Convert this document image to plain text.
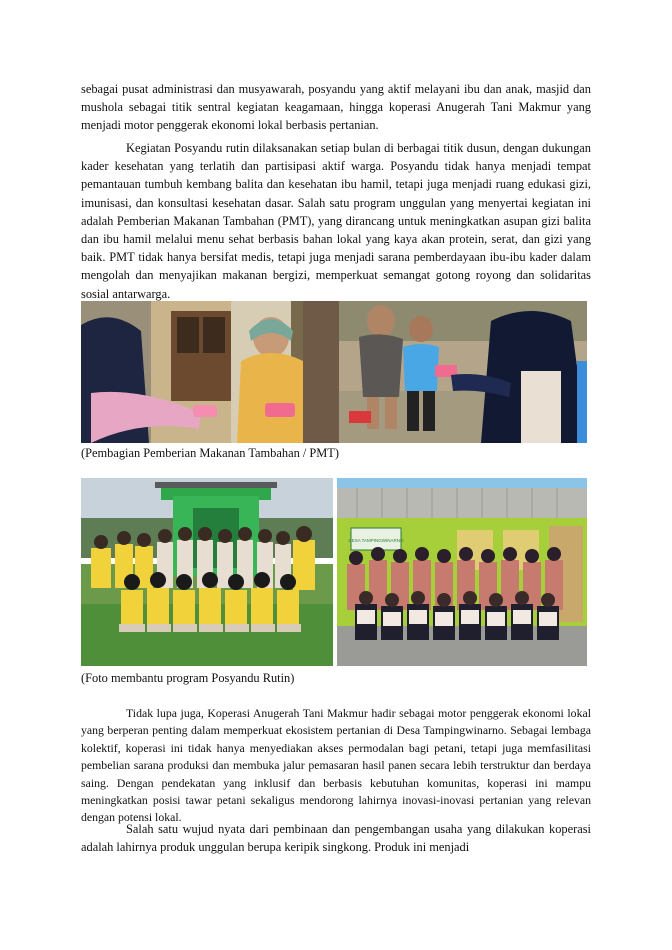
sebagai pusat administrasi dan musyawarah, posyandu yang aktif melayani ibu dan anak, masjid dan mushola sebagai titik sentral kegiatan keagamaan, hingga koperasi Anugerah Tani Makmur yang menjadi motor penggerak ekonomi lokal berbasis pertanian.

Kegiatan Posyandu rutin dilaksanakan setiap bulan di berbagai titik dusun, dengan dukungan kader kesehatan yang terlatih dan partisipasi aktif warga. Posyandu tidak hanya menjadi tempat pemantauan tumbuh kembang balita dan kesehatan ibu hamil, tetapi juga menjadi ruang edukasi gizi, imunisasi, dan konsultasi kesehatan dasar. Salah satu program unggulan yang menyertai kegiatan ini adalah Pemberian Makanan Tambahan (PMT), yang dirancang untuk meningkatkan asupan gizi balita dan ibu hamil melalui menu sehat berbasis bahan lokal yang kaya akan protein, serat, dan gizi yang baik. PMT tidak hanya bersifat medis, tetapi juga menjadi sarana pemberdayaan ibu-ibu kader dalam mengolah dan menyajikan makanan bergizi, memperkuat semangat gotong royong dan solidaritas sosial antarwarga.

(Pembagian Pemberian Makanan Tambahan / PMT)

DESA TAMPINGWINARNO

(Foto membantu program Posyandu Rutin)

Tidak lupa juga, Koperasi Anugerah Tani Makmur hadir sebagai motor penggerak ekonomi lokal yang berperan penting dalam memperkuat ekosistem pertanian di Desa Tampingwinarno. Sebagai lembaga kolektif, koperasi ini tidak hanya menyediakan akses permodalan bagi petani, tetapi juga memfasilitasi pembelian sarana produksi dan membuka jalur pemasaran hasil panen secara lebih terstruktur dan berdaya saing. Dengan pendekatan yang inklusif dan berbasis kebutuhan komunitas, koperasi ini mampu meningkatkan posisi tawar petani sekaligus mendorong lahirnya inovasi-inovasi pertanian yang relevan dengan potensi lokal.

Salah satu wujud nyata dari pembinaan dan pengembangan usaha yang dilakukan koperasi adalah lahirnya produk unggulan berupa keripik singkong. Produk ini menjadi
